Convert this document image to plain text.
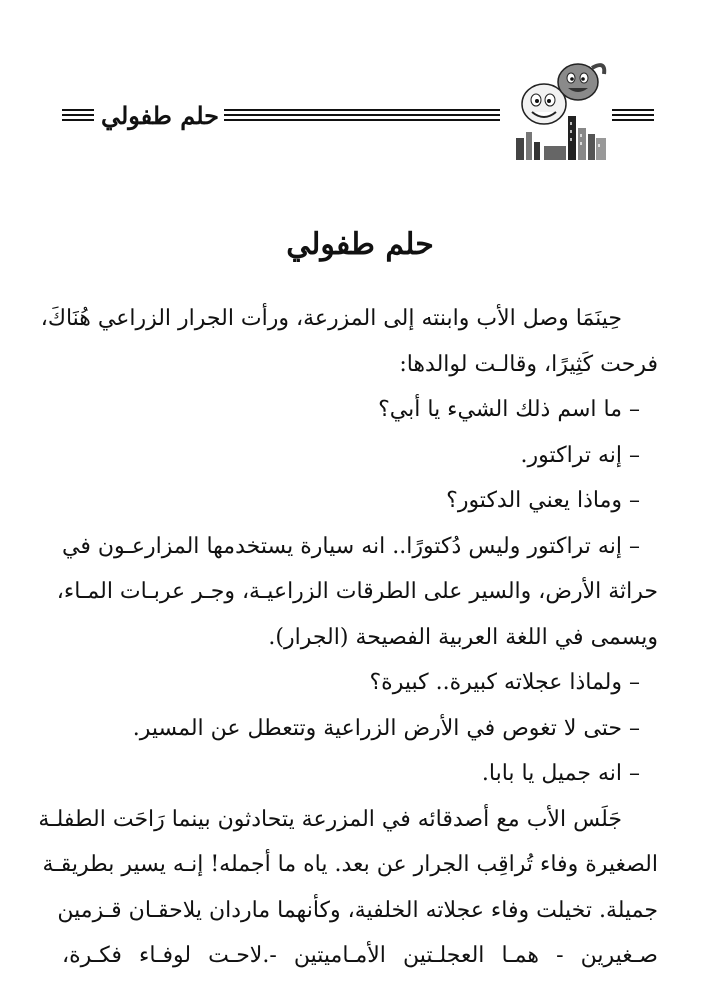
حلم طفولي
حلم طفولي
حِينَمَا وصل الأب وابنته إلى المزرعة، ورأت الجرار الزراعي هُنَاكَ،
فرحت كَثِيرًا، وقالـت لوالدها:
– ما اسم ذلك الشيء يا أبي؟
– إنه تراكتور.
– وماذا يعني الدكتور؟
– إنه تراكتور وليس دُكتورًا.. انه سيارة يستخدمها المزارعـون في
حراثة الأرض، والسير على الطرقات الزراعيـة، وجـر عربـات المـاء،
ويسمى في اللغة العربية الفصيحة (الجرار).
– ولماذا عجلاته كبيرة.. كبيرة؟
– حتى لا تغوص في الأرض الزراعية وتتعطل عن المسير.
– انه جميل يا بابا.
جَلَس الأب مع أصدقائه في المزرعة يتحادثون بينما رَاحَت الطفلـة
الصغيرة وفاء تُراقِب الجرار عن بعد. ياه ما أجمله! إنـه يسير بطريقـة
جميلة. تخيلت وفاء عجلاته الخلفية، وكأنهما ماردان يلاحقـان قـزمين
صـغيرين - همـا العجلـتين الأمـاميتين -.لاحـت لوفـاء فكـرة،
